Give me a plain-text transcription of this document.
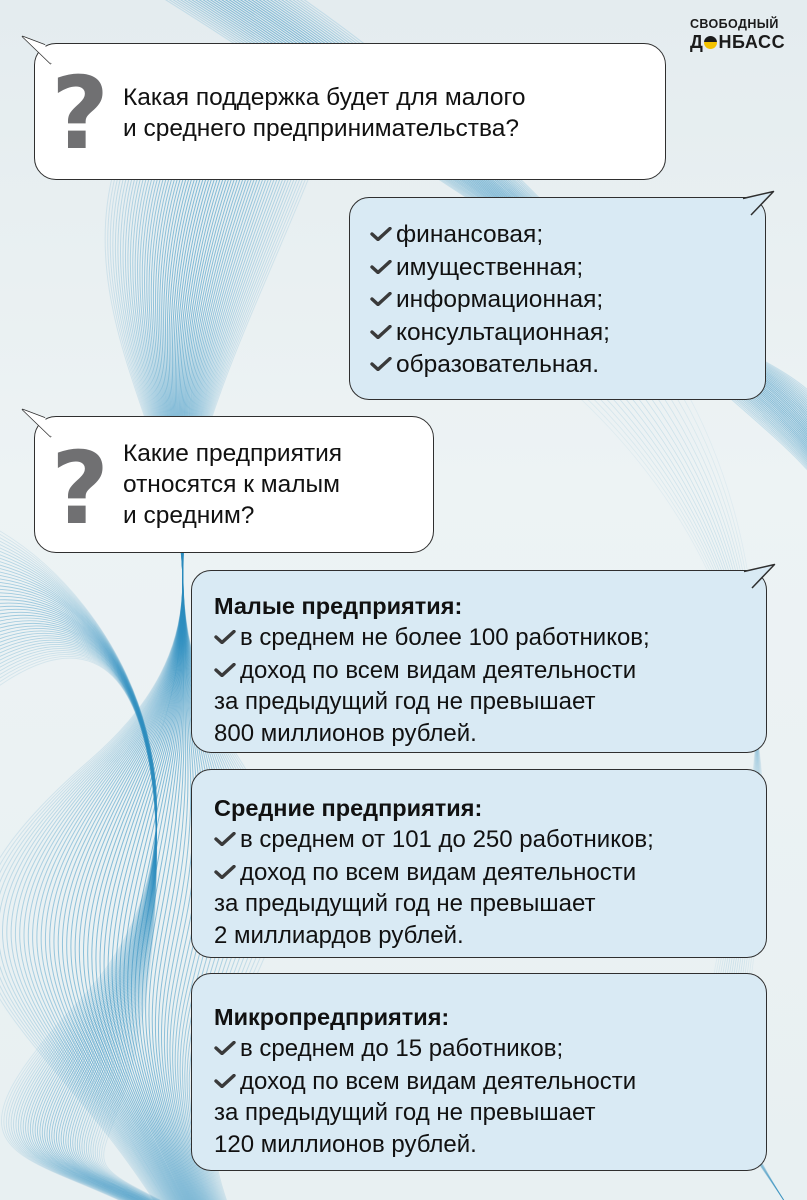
СВОБОДНЫЙ
Д НБАСС
? Какая поддержка будет для малого
и среднего предпринимательства?

финансовая;
имущественная;
информационная;
консультационная;
образовательная.
? Какие предприятия
относятся к малым
и средним?

Малые предприятия:

в среднем не более 100 работников;

доход по всем видам деятельности

за предыдущий год не превышает

800 миллионов рублей.

Средние предприятия:

в среднем от 101 до 250 работников;

доход по всем видам деятельности

за предыдущий год не превышает

2 миллиардов рублей.

Микропредприятия:

в среднем до 15 работников;

доход по всем видам деятельности

за предыдущий год не превышает

120 миллионов рублей.
